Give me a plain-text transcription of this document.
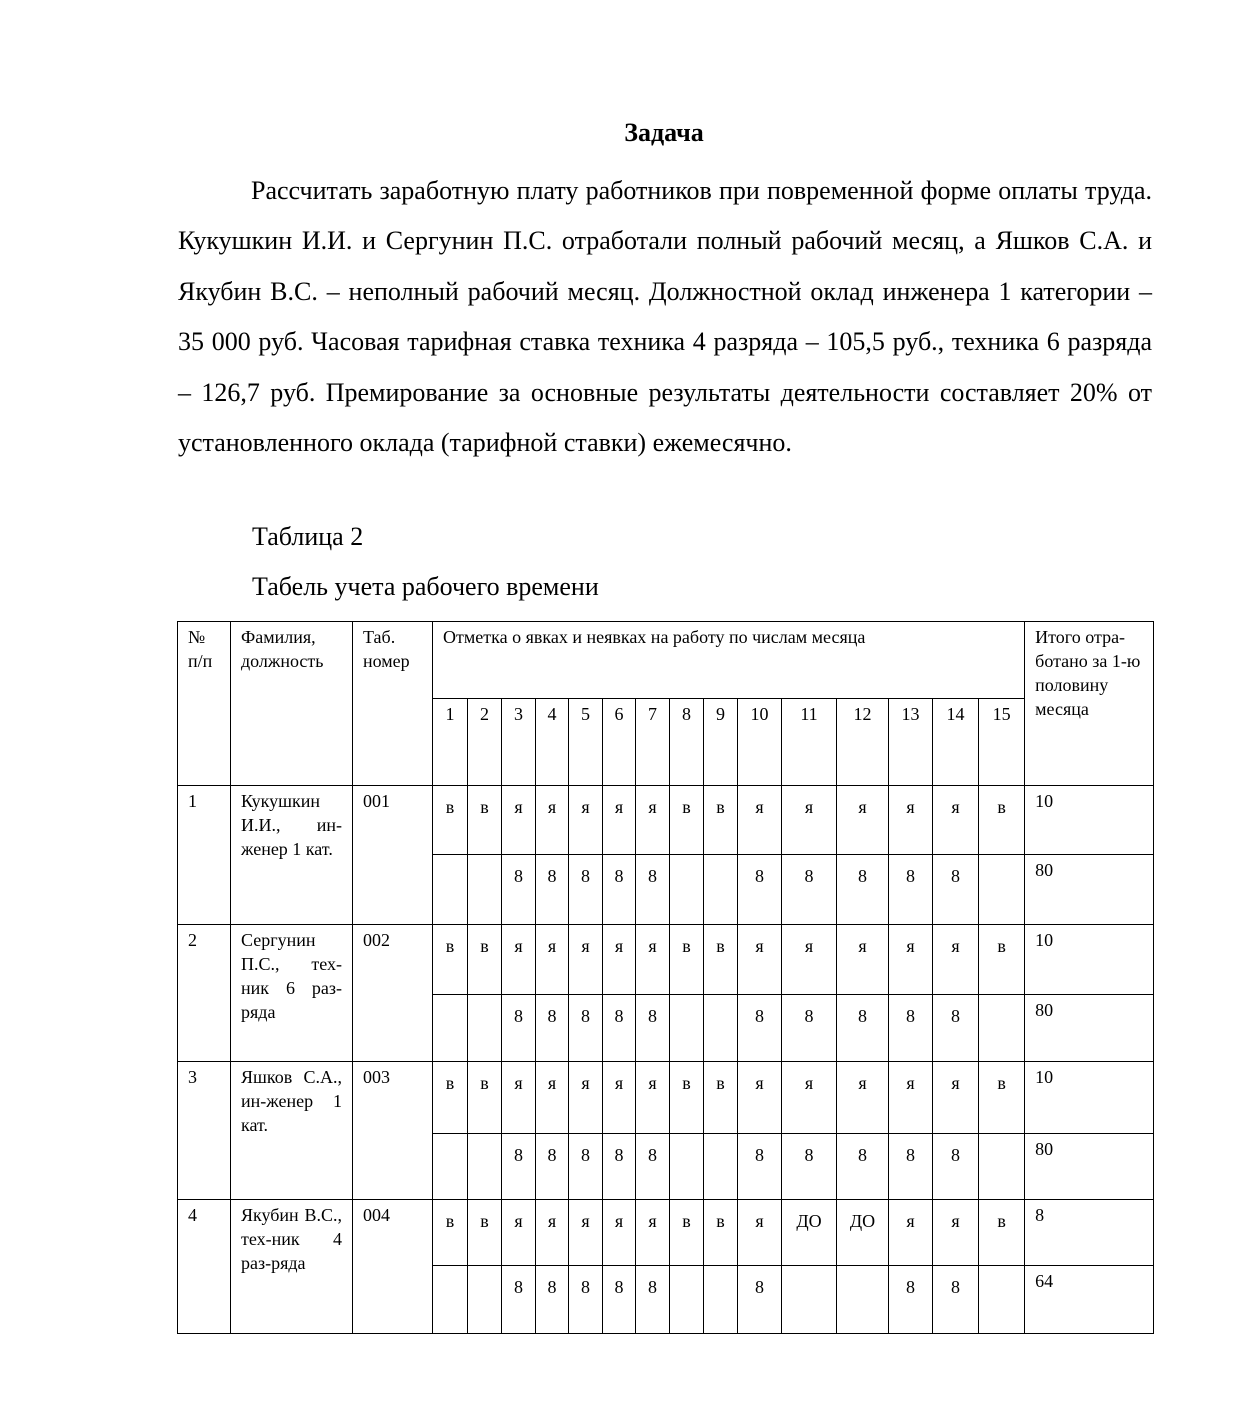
Задача

Рассчитать заработную плату работников при повременной форме оплаты труда. Кукушкин И.И. и Сергунин П.С. отработали полный рабочий месяц, а Яшков С.А. и Якубин В.С. – неполный рабочий месяц. Должностной оклад инженера 1 категории – 35 000 руб. Часовая тарифная ставка техника 4 разряда – 105,5 руб., техника 6 разряда – 126,7 руб. Премирование за основные результаты деятельности составляет 20% от установленного оклада (тарифной ставки) ежемесячно.

Таблица 2

Табель учета рабочего времени

№ п/п	Фамилия, должность	Таб. номер	Отметка о явках и неявках на работу по числам месяца															Итого отра-ботано за 1-ю половину месяца
			1	2	3	4	5	6	7	8	9	10	11	12	13	14	15	
1	Кукушкин И.И., ин-женер 1 кат.	001	в	в	я	я	я	я	я	в	в	я	я	я	я	я	в	10
					8	8	8	8	8			8	8	8	8	8		80
2	Сергунин П.С., тех-ник 6 раз-ряда	002	в	в	я	я	я	я	я	в	в	я	я	я	я	я	в	10
					8	8	8	8	8			8	8	8	8	8		80
3	Яшков С.А., ин-женер 1 кат.	003	в	в	я	я	я	я	я	в	в	я	я	я	я	я	в	10
					8	8	8	8	8			8	8	8	8	8		80
4	Якубин В.С., тех-ник 4 раз-ряда	004	в	в	я	я	я	я	я	в	в	я	ДО	ДО	я	я	в	8
					8	8	8	8	8			8			8	8		64
